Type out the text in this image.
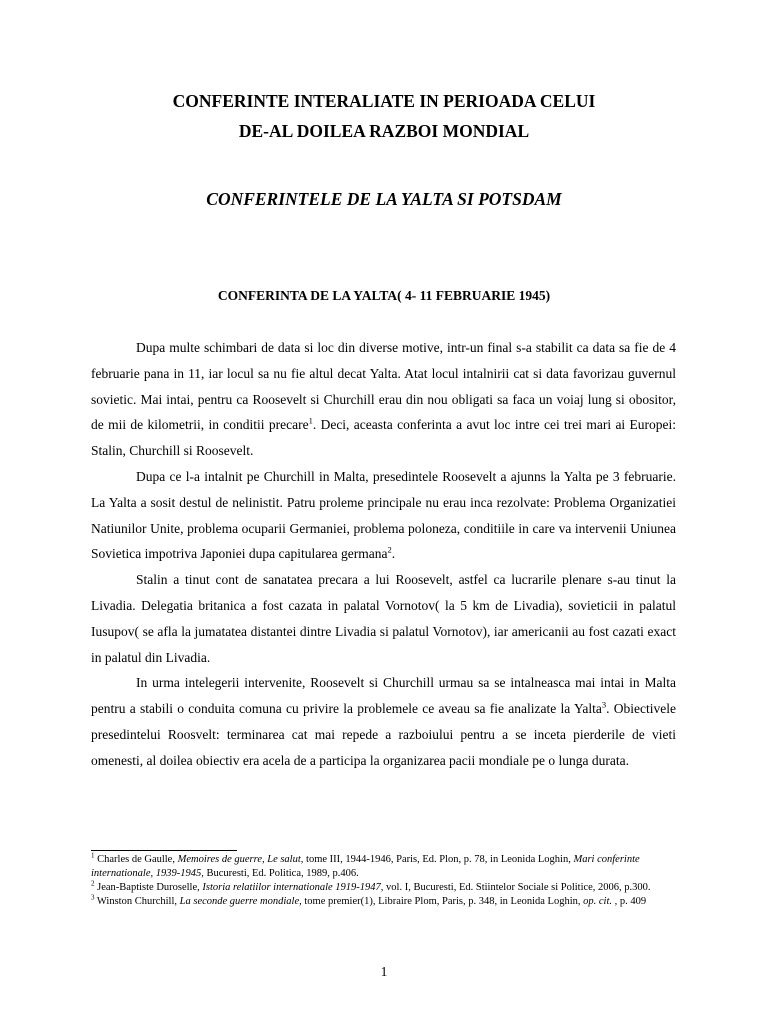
CONFERINTE INTERALIATE IN PERIOADA CELUI
DE-AL DOILEA RAZBOI MONDIAL
CONFERINTELE DE LA YALTA SI POTSDAM
CONFERINTA DE LA YALTA( 4- 11 FEBRUARIE 1945)

Dupa multe schimbari de data si loc din diverse motive, intr-un final s-a stabilit ca data sa fie de 4 februarie pana in 11, iar locul sa nu fie altul decat Yalta. Atat locul intalnirii cat si data favorizau guvernul sovietic. Mai intai, pentru ca Roosevelt si Churchill erau din nou obligati sa faca un voiaj lung si obositor, de mii de kilometrii, in conditii precare$^1$. Deci, aceasta conferinta a avut loc intre cei trei mari ai Europei: Stalin, Churchill si Roosevelt.

Dupa ce l-a intalnit pe Churchill in Malta, presedintele Roosevelt a ajunns la Yalta pe 3 februarie. La Yalta a sosit destul de nelinistit. Patru proleme principale nu erau inca rezolvate: Problema Organizatiei Natiunilor Unite, problema ocuparii Germaniei, problema poloneza, conditiile in care va intervenii Uniunea Sovietica impotriva Japoniei dupa capitularea germana$^2$.

Stalin a tinut cont de sanatatea precara a lui Roosevelt, astfel ca lucrarile plenare s-au tinut la Livadia. Delegatia britanica a fost cazata in palatal Vornotov( la 5 km de Livadia), sovieticii in palatul Iusupov( se afla la jumatatea distantei dintre Livadia si palatul Vornotov), iar americanii au fost cazati exact in palatul din Livadia.

In urma intelegerii intervenite, Roosevelt si Churchill urmau sa se intalneasca mai intai in Malta pentru a stabili o conduita comuna cu privire la problemele ce aveau sa fie analizate la Yalta$^3$. Obiectivele presedintelui Roosvelt: terminarea cat mai repede a razboiului pentru a se inceta pierderile de vieti omenesti, al doilea obiectiv era acela de a participa la organizarea pacii mondiale pe o lunga durata.

$^1$ Charles de Gaulle, Memoires de guerre, Le salut, tome III, 1944-1946, Paris, Ed. Plon, p. 78, in Leonida Loghin, Mari conferinte internationale, 1939-1945, Bucuresti, Ed. Politica, 1989, p.406.
$^2$ Jean-Baptiste Duroselle, Istoria relatiilor internationale 1919-1947, vol. I, Bucuresti, Ed. Stiintelor Sociale si Politice, 2006, p.300.
$^3$ Winston Churchill, La seconde guerre mondiale, tome premier(1), Libraire Plom, Paris, p. 348, in Leonida Loghin, op. cit. , p. 409
1
